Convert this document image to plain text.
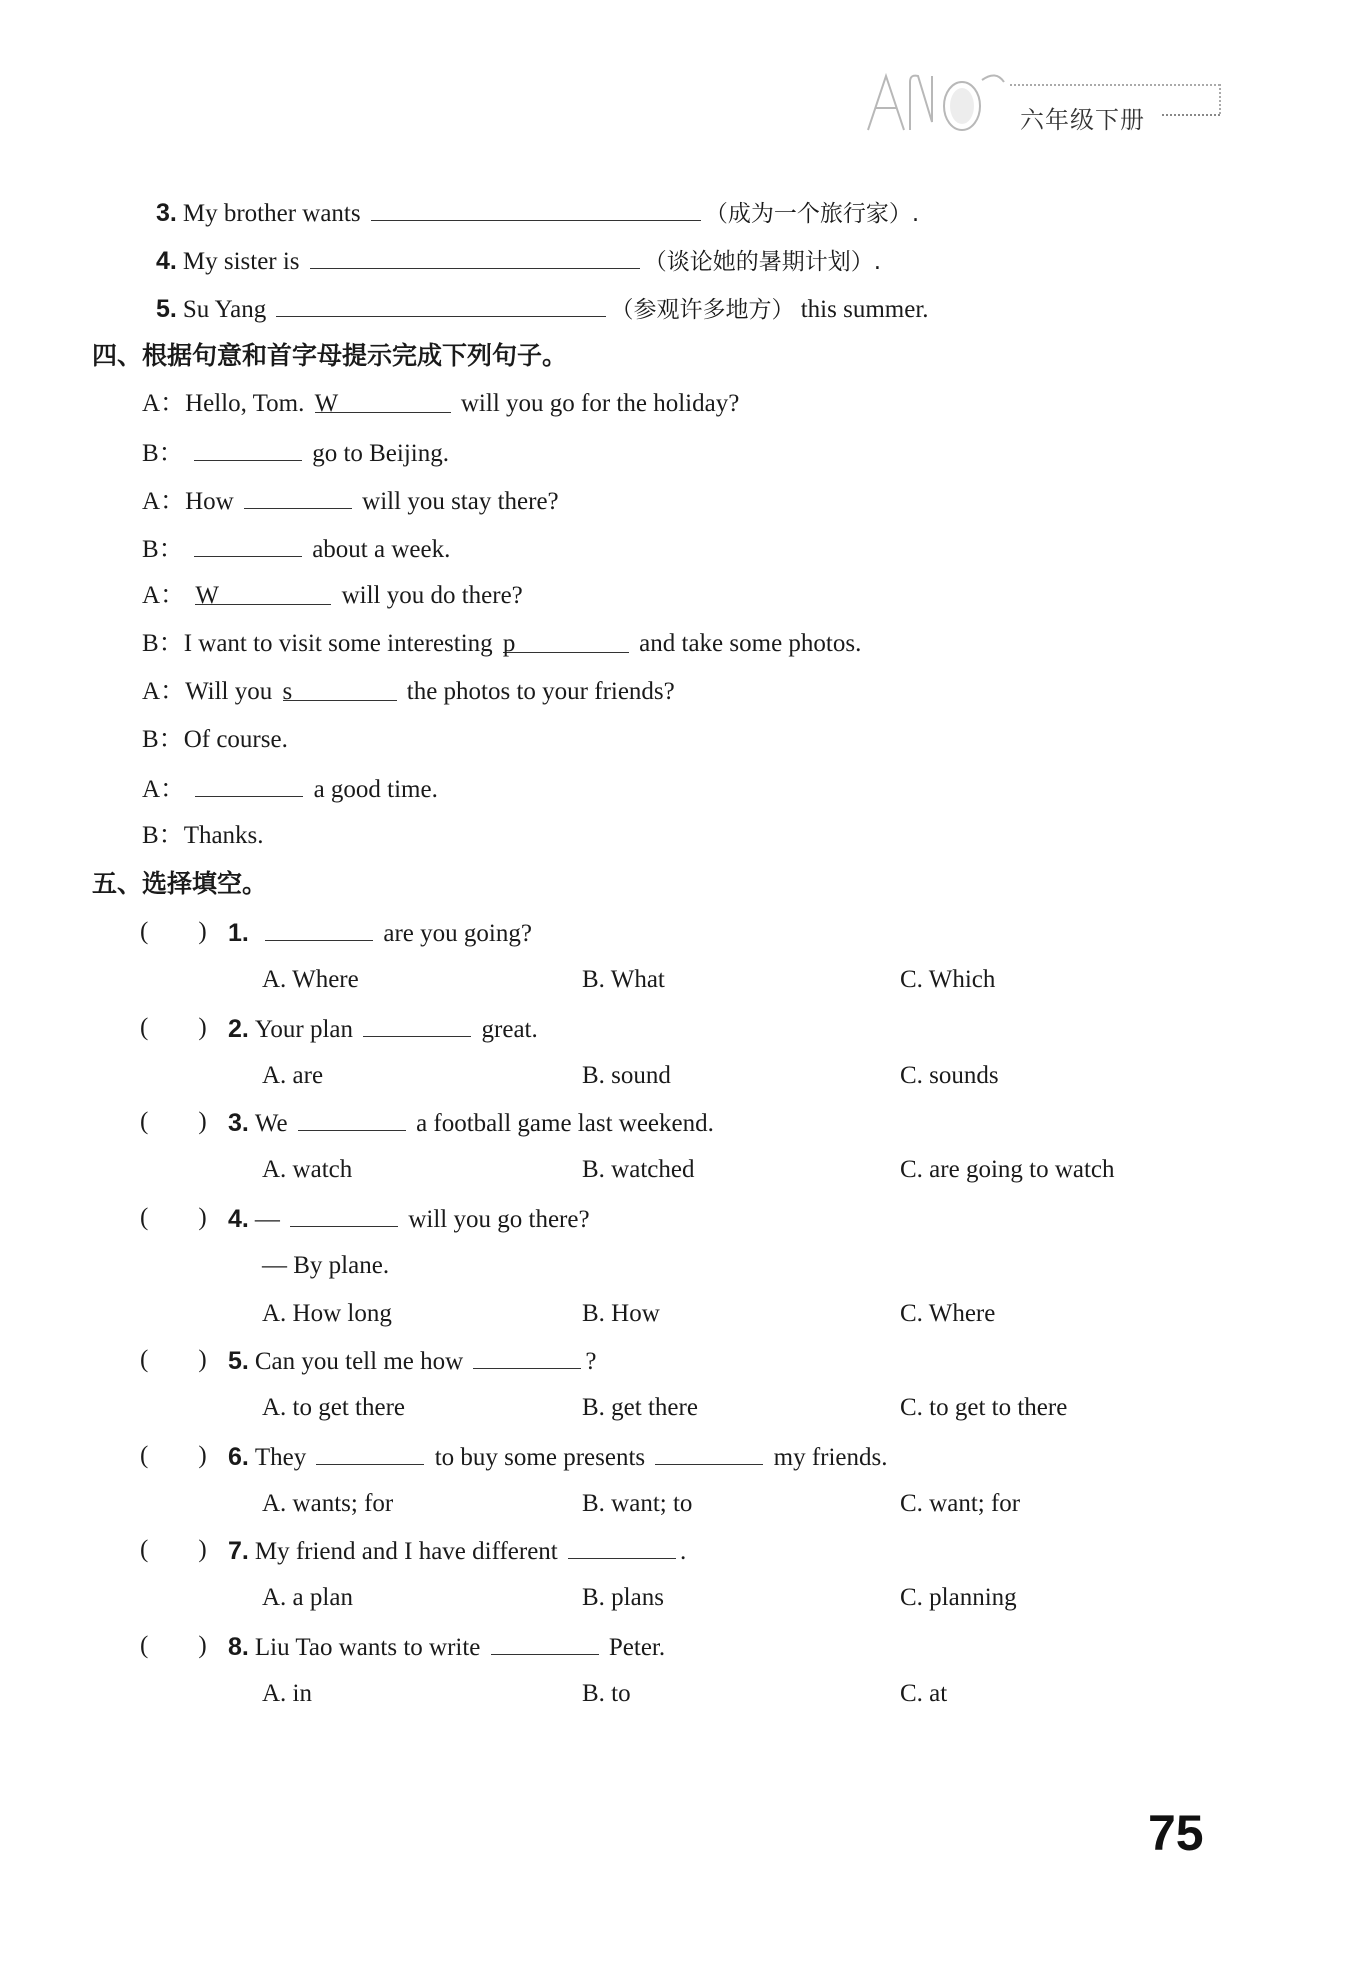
六年级下册
3. My brother wants	（成为一个旅行家）.
4. My sister is	（谈论她的暑期计划）.
5. Su Yang	（参观许多地方） this summer.
四、根据句意和首字母提示完成下列句子。
A：Hello, Tom. W	will you go for the holiday?
B：	go to Beijing.
A：How	will you stay there?
B：	about a week.
A： W	will you do there?
B：I want to visit some interesting p	and take some photos.
A：Will you s	the photos to your friends?
B：Of course.
A：	a good time.
B：Thanks.
五、选择填空。
(　　) 1.	are you going?
A. Where	B. What	C. Which
(　　) 2. Your plan	great.
A. are	B. sound	C. sounds
(　　) 3. We	a football game last weekend.
A. watch	B. watched	C. are going to watch
(　　) 4. —	will you go there?
— By plane.
A. How long	B. How	C. Where
(　　) 5. Can you tell me how	?
A. to get there	B. get there	C. to get to there
(　　) 6. They	to buy some presents	my friends.
A. wants; for	B. want; to	C. want; for
(　　) 7. My friend and I have different	.
A. a plan	B. plans	C. planning
(　　) 8. Liu Tao wants to write	Peter.
A. in	B. to	C. at
75
